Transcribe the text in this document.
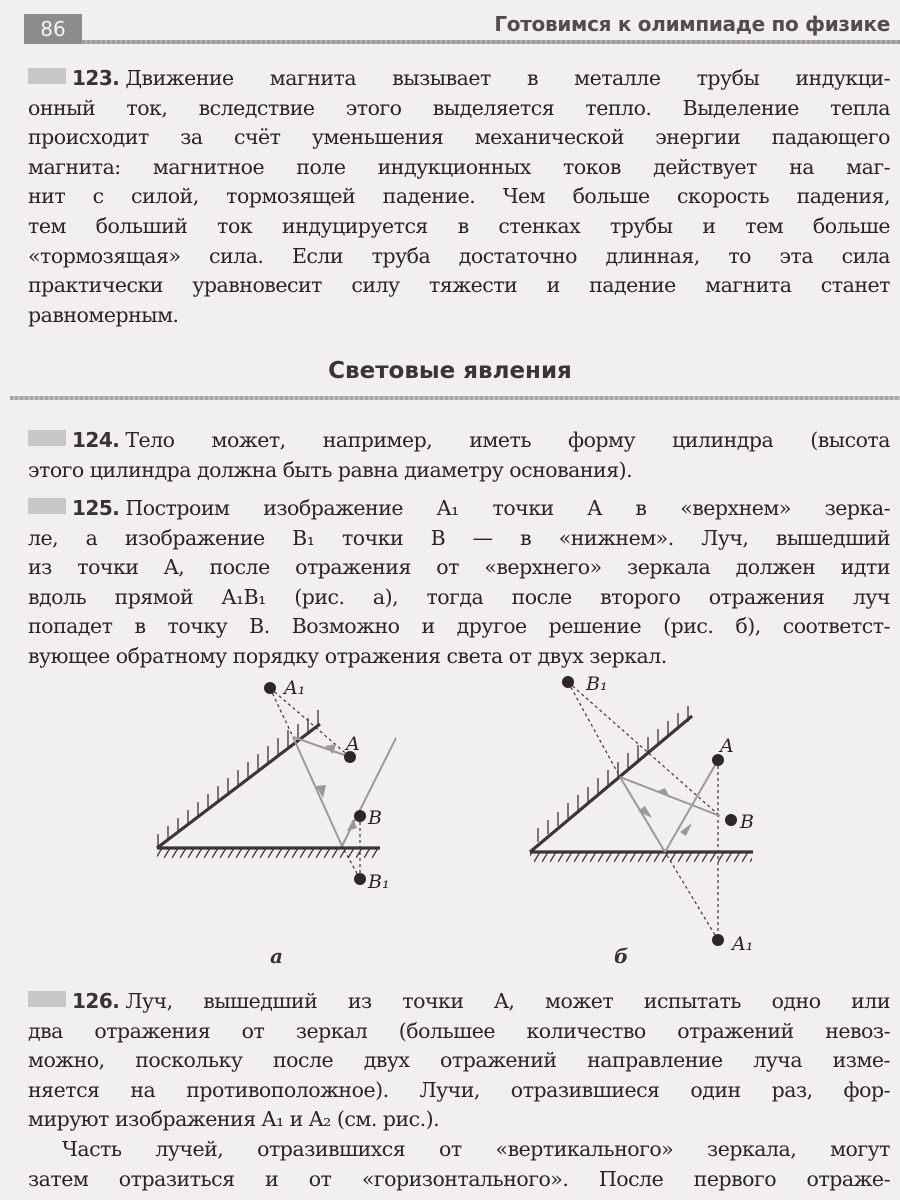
86	Готовимся к олимпиаде по физике
123. Движение магнита вызывает в металле трубы индукци-
онный ток, вследствие этого выделяется тепло. Выделение тепла
происходит за счёт уменьшения механической энергии падающего
магнита: магнитное поле индукционных токов действует на маг-
нит с силой, тормозящей падение. Чем больше скорость падения,
тем больший ток индуцируется в стенках трубы и тем больше
«тормозящая» сила. Если труба достаточно длинная, то эта сила
практически уравновесит силу тяжести и падение магнита станет
равномерным.
Световые явления
124. Тело может, например, иметь форму цилиндра (высота
этого цилиндра должна быть равна диаметру основания).
125. Построим изображение A₁ точки A в «верхнем» зерка-
ле, а изображение B₁ точки B — в «нижнем». Луч, вышедший
из точки A, после отражения от «верхнего» зеркала должен идти
вдоль прямой A₁B₁ (рис. а), тогда после второго отражения луч
попадет в точку B. Возможно и другое решение (рис. б), соответст-
вующее обратному порядку отражения света от двух зеркал.
A₁
A
B
B₁
а
B₁
A
B
A₁
б
126. Луч, вышедший из точки A, может испытать одно или
два отражения от зеркал (большее количество отражений невоз-
можно, поскольку после двух отражений направление луча изме-
няется на противоположное). Лучи, отразившиеся один раз, фор-
мируют изображения A₁ и A₂ (см. рис.).
Часть лучей, отразившихся от «вертикального» зеркала, могут
затем отразиться и от «горизонтального». После первого отраже-
